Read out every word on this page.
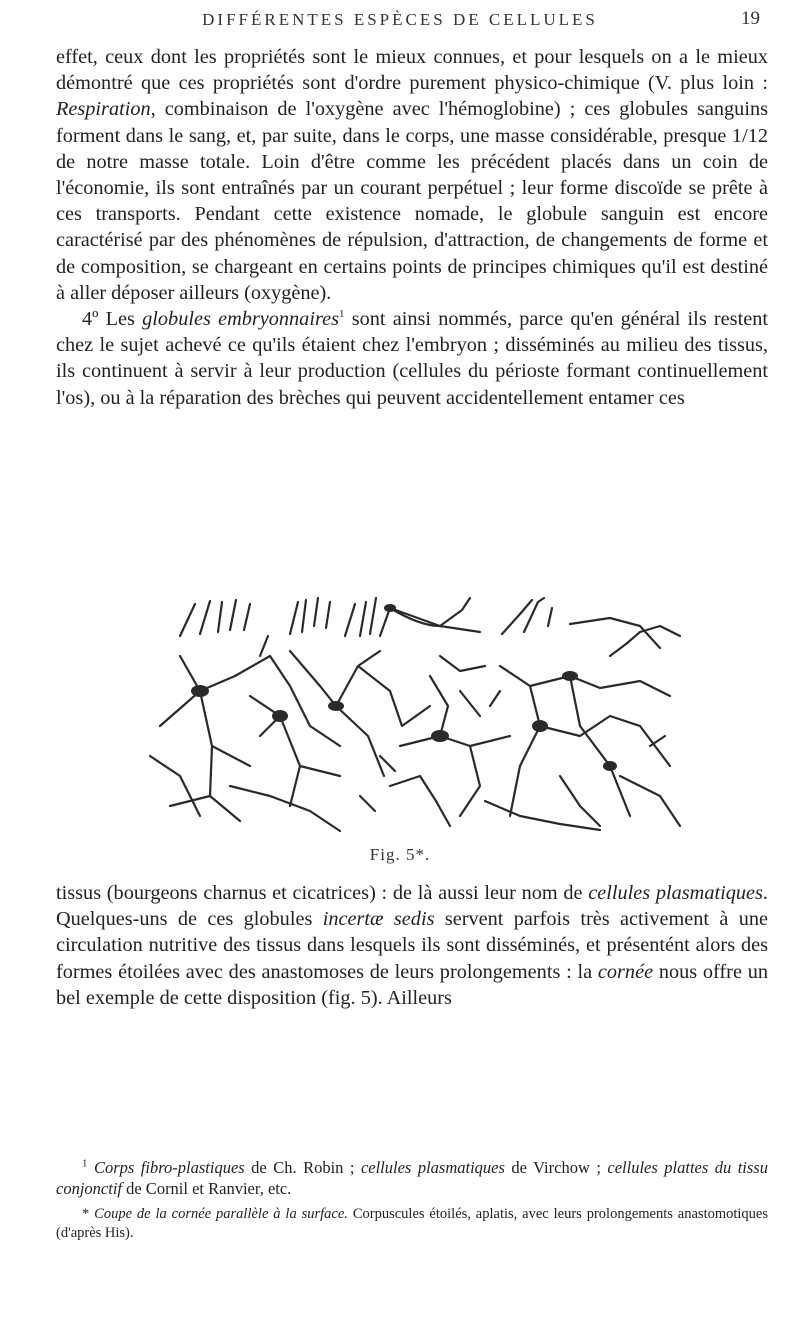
DIFFÉRENTES ESPÈCES DE CELLULES	19

effet, ceux dont les propriétés sont le mieux connues, et pour lesquels on a le mieux démontré que ces propriétés sont d'ordre purement physico-chimique (V. plus loin : Respiration, combinaison de l'oxygène avec l'hémoglobine) ; ces globules sanguins forment dans le sang, et, par suite, dans le corps, une masse considérable, presque 1/12 de notre masse totale. Loin d'être comme les précédent placés dans un coin de l'économie, ils sont entraînés par un courant perpétuel ; leur forme discoïde se prête à ces transports. Pendant cette existence nomade, le globule sanguin est encore caractérisé par des phénomènes de répulsion, d'attraction, de changements de forme et de composition, se chargeant en certains points de principes chimiques qu'il est destiné à aller déposer ailleurs (oxygène).

4º Les globules embryonnaires$^1$ sont ainsi nommés, parce qu'en général ils restent chez le sujet achevé ce qu'ils étaient chez l'embryon ; disséminés au milieu des tissus, ils continuent à servir à leur production (cellules du périoste formant continuellement l'os), ou à la réparation des brèches qui peuvent accidentellement entamer ces

Fig. 5*.

tissus (bourgeons charnus et cicatrices) : de là aussi leur nom de cellules plasmatiques. Quelques-uns de ces globules incertæ sedis servent parfois très activement à une circulation nutritive des tissus dans lesquels ils sont disséminés, et présentént alors des formes étoilées avec des anastomoses de leurs prolongements : la cornée nous offre un bel exemple de cette disposition (fig. 5). Ailleurs

$^1$ Corps fibro-plastiques de Ch. Robin ; cellules plasmatiques de Virchow ; cellules plattes du tissu conjonctif de Cornil et Ranvier, etc.

* Coupe de la cornée parallèle à la surface. Corpuscules étoilés, aplatis, avec leurs prolongements anastomotiques (d'après His).
